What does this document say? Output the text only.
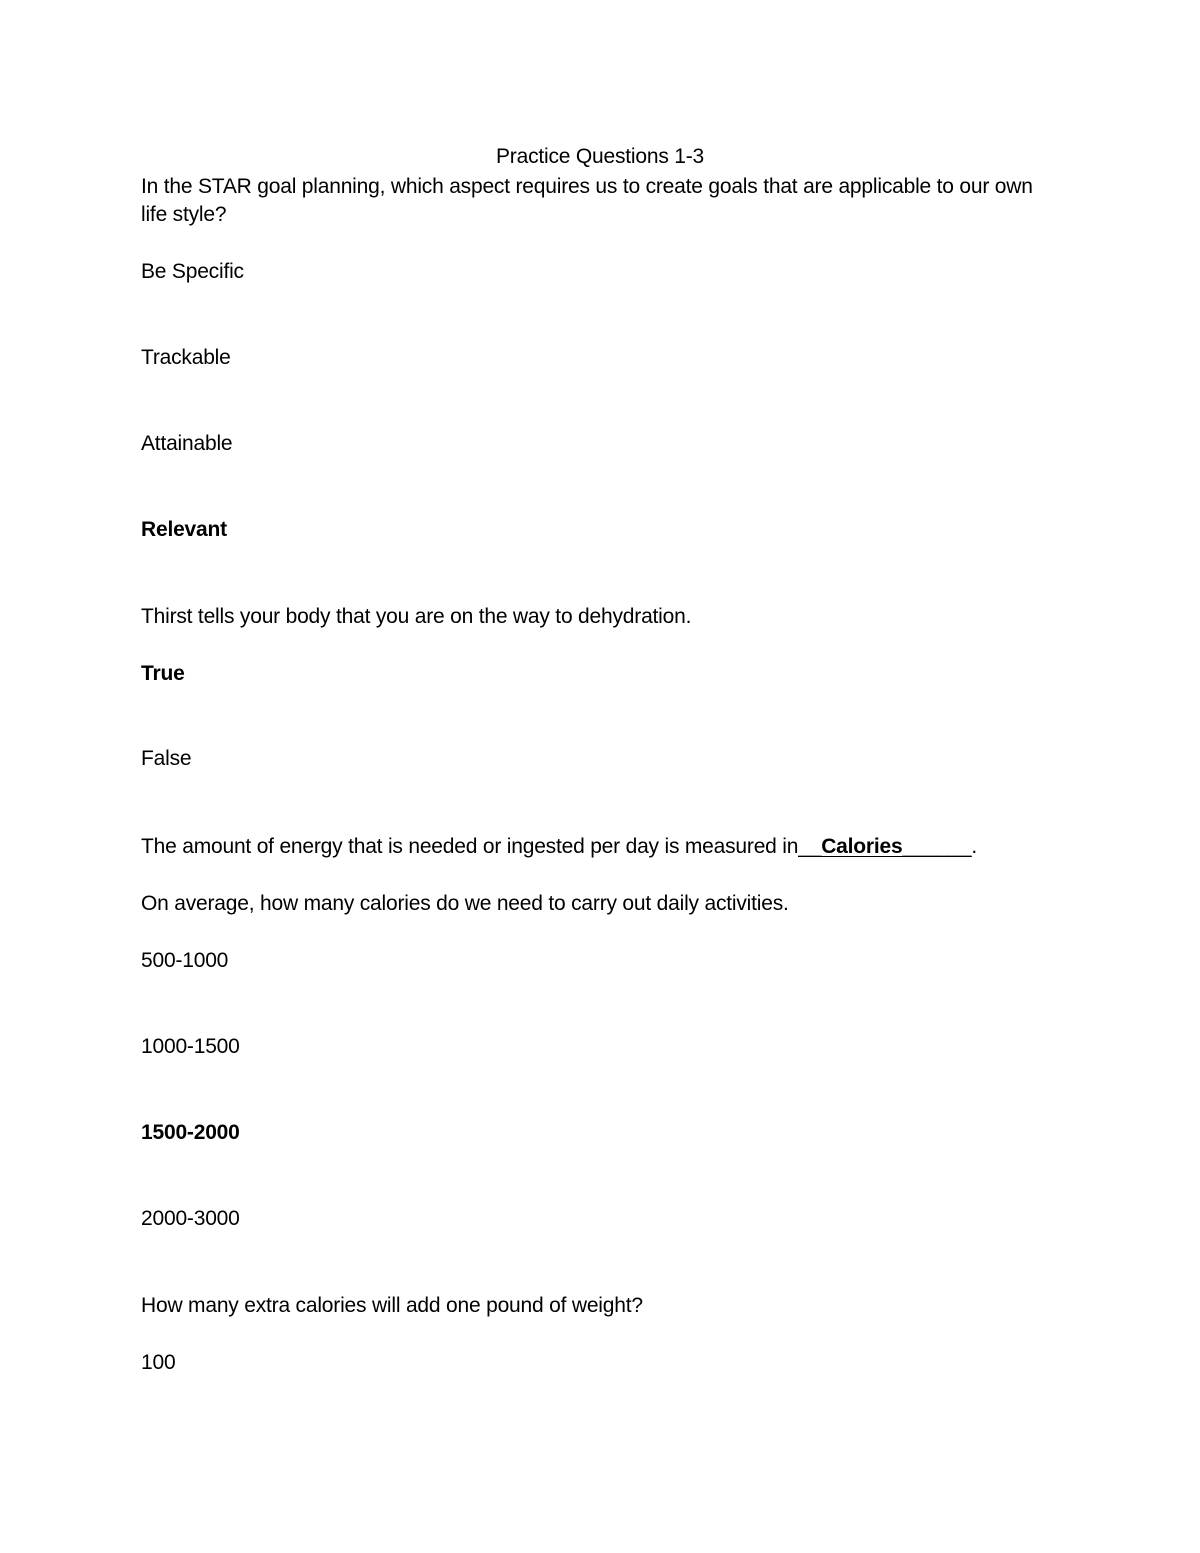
Practice Questions 1-3
In the STAR goal planning, which aspect requires us to create goals that are applicable to our own life style?
Be Specific
Trackable
Attainable
Relevant
Thirst tells your body that you are on the way to dehydration.
True
False
The amount of energy that is needed or ingested per day is measured in__Calories______.
On average, how many calories do we need to carry out daily activities.
500-1000
1000-1500
1500-2000
2000-3000
How many extra calories will add one pound of weight?
100
